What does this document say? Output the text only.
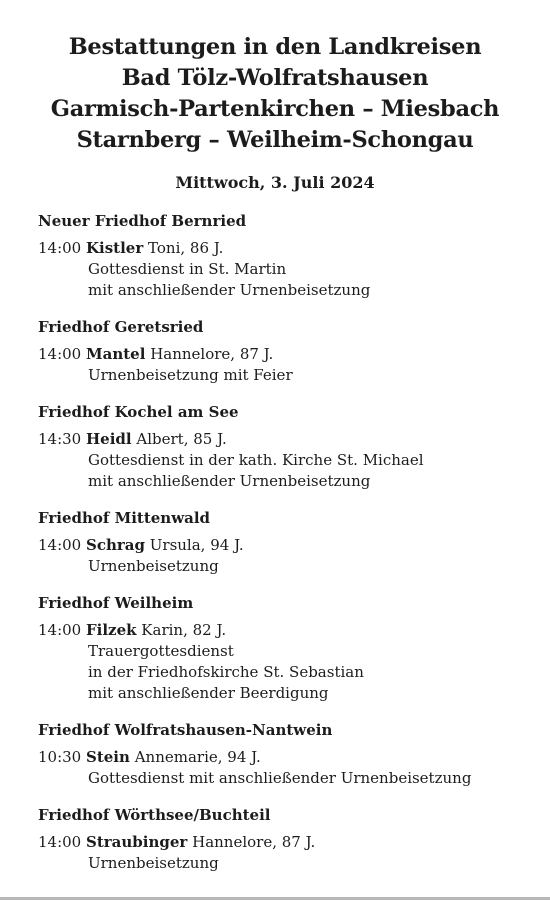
Bestattungen in den Landkreisen
Bad Tölz-Wolfratshausen
Garmisch-Partenkirchen – Miesbach
Starnberg – Weilheim-Schongau
Mittwoch, 3. Juli 2024
Neuer Friedhof Bernried
14:00 Kistler Toni, 86 J.
Gottesdienst in St. Martin
mit anschließender Urnenbeisetzung
Friedhof Geretsried
14:00 Mantel Hannelore, 87 J.
Urnenbeisetzung mit Feier
Friedhof Kochel am See
14:30 Heidl Albert, 85 J.
Gottesdienst in der kath. Kirche St. Michael
mit anschließender Urnenbeisetzung
Friedhof Mittenwald
14:00 Schrag Ursula, 94 J.
Urnenbeisetzung
Friedhof Weilheim
14:00 Filzek Karin, 82 J.
Trauergottesdienst
in der Friedhofskirche St. Sebastian
mit anschließender Beerdigung
Friedhof Wolfratshausen-Nantwein
10:30 Stein Annemarie, 94 J.
Gottesdienst mit anschließender Urnenbeisetzung
Friedhof Wörthsee/Buchteil
14:00 Straubinger Hannelore, 87 J.
Urnenbeisetzung
